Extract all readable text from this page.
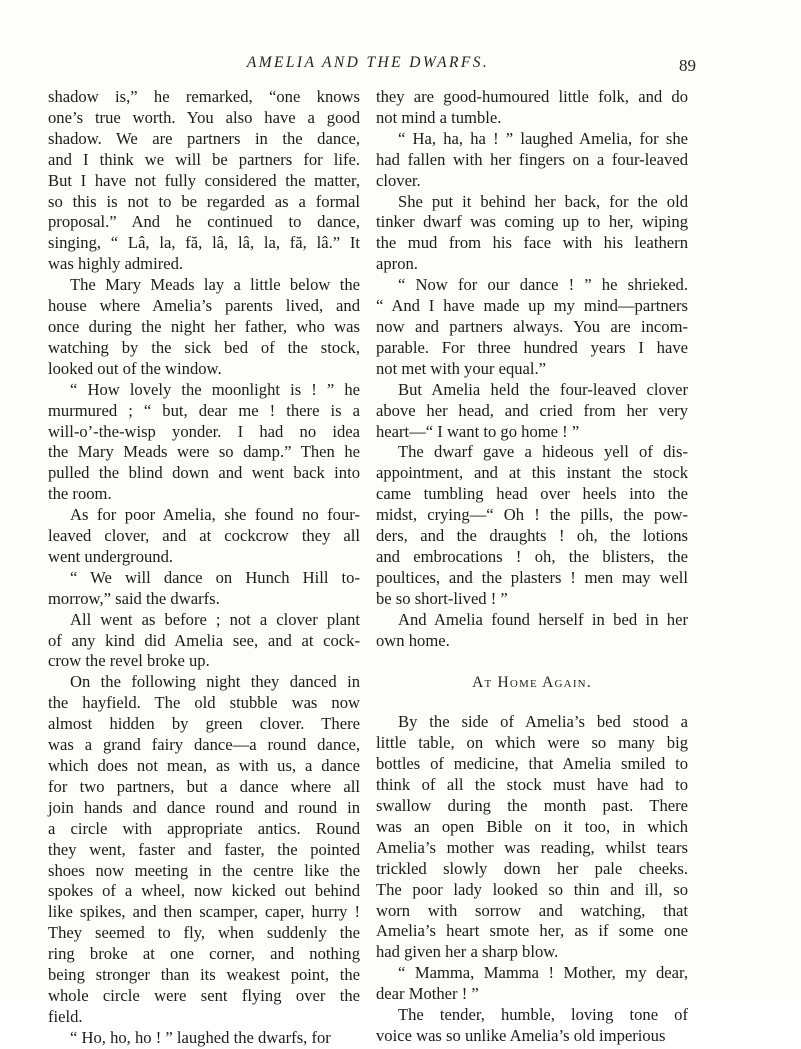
AMELIA AND THE DWARFS.	89

shadow is,” he remarked, “one knows
one’s true worth. You also have a good
shadow. We are partners in the dance,
and I think we will be partners for life.
But I have not fully considered the matter,
so this is not to be regarded as a formal
proposal.” And he continued to dance,
singing, “ Lâ, la, fă, lâ, lâ, la, fă, lâ.” It
was highly admired.

The Mary Meads lay a little below the
house where Amelia’s parents lived, and
once during the night her father, who was
watching by the sick bed of the stock,
looked out of the window.

“ How lovely the moonlight is ! ” he
murmured ; “ but, dear me ! there is a
will-o’-the-wisp yonder. I had no idea
the Mary Meads were so damp.” Then he
pulled the blind down and went back into
the room.

As for poor Amelia, she found no four-
leaved clover, and at cockcrow they all
went underground.

“ We will dance on Hunch Hill to-
morrow,” said the dwarfs.

All went as before ; not a clover plant
of any kind did Amelia see, and at cock-
crow the revel broke up.

On the following night they danced in
the hayfield. The old stubble was now
almost hidden by green clover. There
was a grand fairy dance—a round dance,
which does not mean, as with us, a dance
for two partners, but a dance where all
join hands and dance round and round in
a circle with appropriate antics. Round
they went, faster and faster, the pointed
shoes now meeting in the centre like the
spokes of a wheel, now kicked out behind
like spikes, and then scamper, caper, hurry !
They seemed to fly, when suddenly the
ring broke at one corner, and nothing
being stronger than its weakest point, the
whole circle were sent flying over the
field.

“ Ho, ho, ho ! ” laughed the dwarfs, for

they are good-humoured little folk, and do
not mind a tumble.

“ Ha, ha, ha ! ” laughed Amelia, for she
had fallen with her fingers on a four-leaved
clover.

She put it behind her back, for the old
tinker dwarf was coming up to her, wiping
the mud from his face with his leathern
apron.

“ Now for our dance ! ” he shrieked.
“ And I have made up my mind—partners
now and partners always. You are incom-
parable. For three hundred years I have
not met with your equal.”

But Amelia held the four-leaved clover
above her head, and cried from her very
heart—“ I want to go home ! ”

The dwarf gave a hideous yell of dis-
appointment, and at this instant the stock
came tumbling head over heels into the
midst, crying—“ Oh ! the pills, the pow-
ders, and the draughts ! oh, the lotions
and embrocations ! oh, the blisters, the
poultices, and the plasters ! men may well
be so short-lived ! ”

And Amelia found herself in bed in her
own home.

At Home Again.

By the side of Amelia’s bed stood a
little table, on which were so many big
bottles of medicine, that Amelia smiled to
think of all the stock must have had to
swallow during the month past. There
was an open Bible on it too, in which
Amelia’s mother was reading, whilst tears
trickled slowly down her pale cheeks.
The poor lady looked so thin and ill, so
worn with sorrow and watching, that
Amelia’s heart smote her, as if some one
had given her a sharp blow.

“ Mamma, Mamma ! Mother, my dear,
dear Mother ! ”

The tender, humble, loving tone of
voice was so unlike Amelia’s old imperious
